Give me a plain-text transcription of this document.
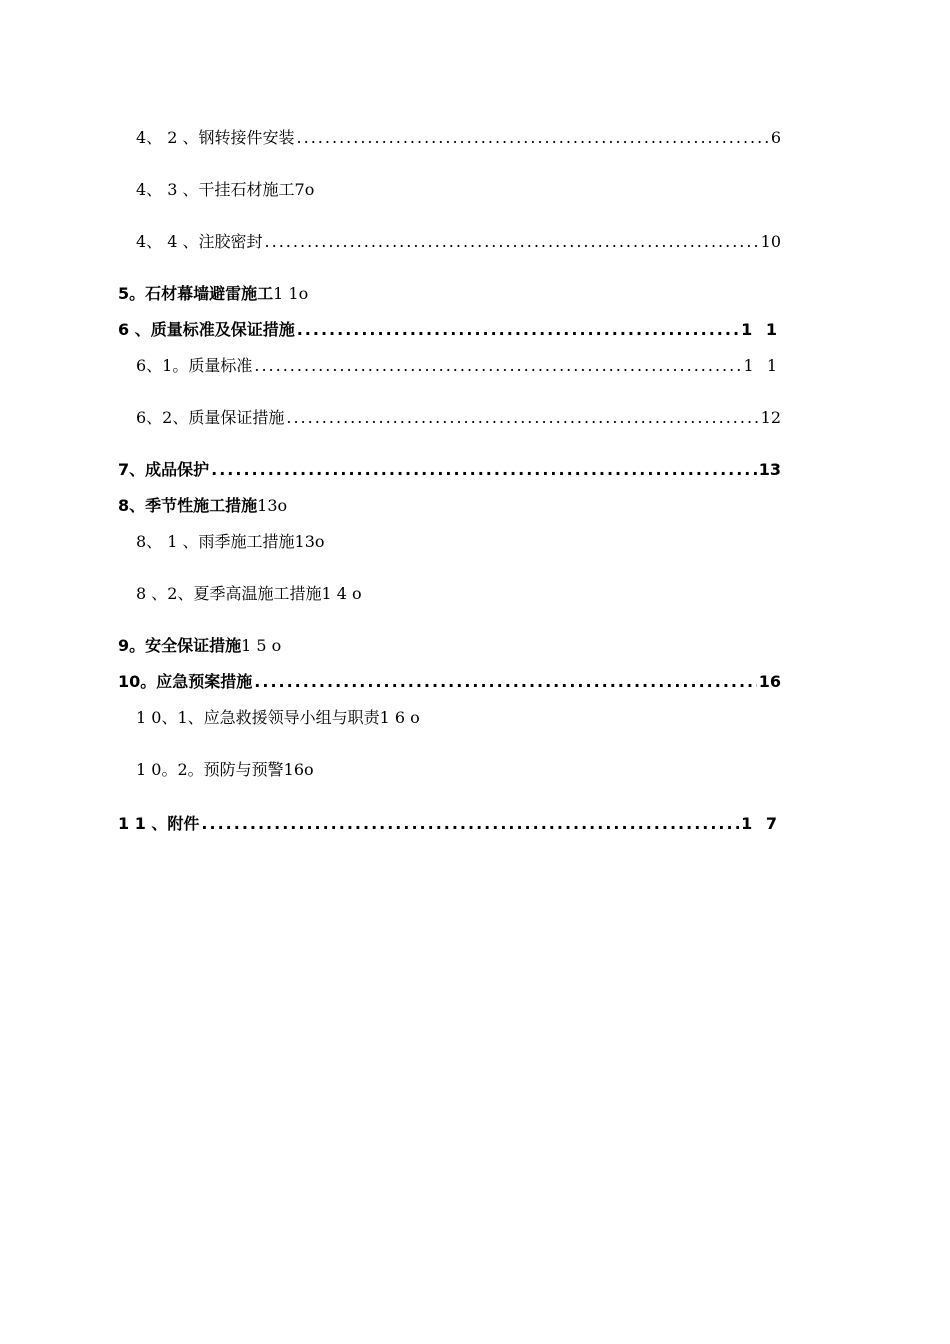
4、 2 、钢转接件安装 .....	6
4、 3 、干挂石材施工 7o
4、 4 、注胶密封 .....	10
5。石材幕墙避雷施工 1 1o
6 、质量标准及保证措施 .....	1 1
6、1。质量标准 .....	1 1
6、2、质量保证措施 .....	12
7、成品保护 .....	13
8、季节性施工措施 13o
8、 1 、雨季施工措施 13o
8 、2、夏季高温施工措施 1 4 o
9。安全保证措施 1 5 o
10。应急预案措施 .....	16
1 0、1、应急救援领导小组与职责 1 6 o
1 0。2。预防与预警 16o
1 1 、附件 .....	1 7
